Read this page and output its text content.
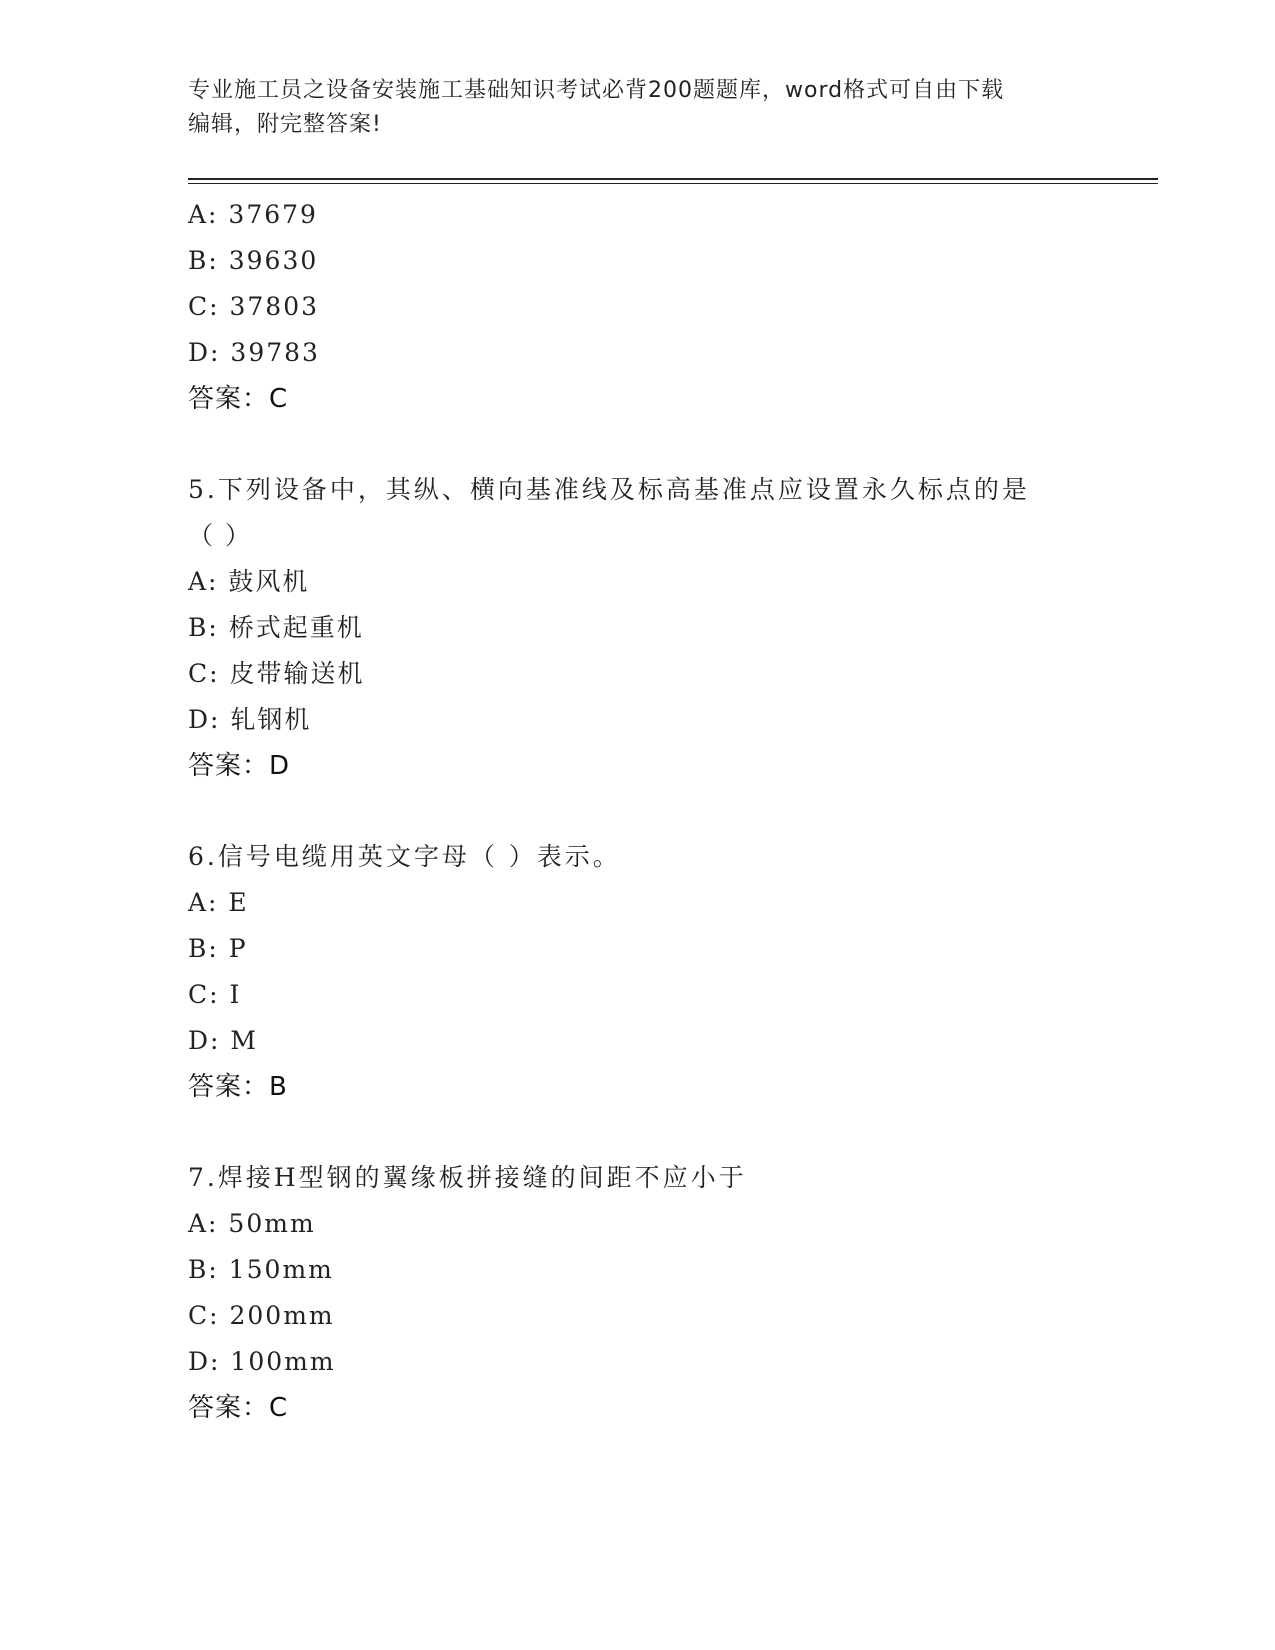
专业施工员之设备安装施工基础知识考试必背200题题库，word格式可自由下载
编辑，附完整答案!
A: 37679
B: 39630
C: 37803
D: 39783
答案：C
5.下列设备中，其纵、横向基准线及标高基准点应设置永久标点的是
（ ）
A: 鼓风机
B: 桥式起重机
C: 皮带输送机
D: 轧钢机
答案：D
6.信号电缆用英文字母（ ）表示。
A: E
B: P
C: I
D: M
答案：B
7.焊接H型钢的翼缘板拼接缝的间距不应小于
A: 50mm
B: 150mm
C: 200mm
D: 100mm
答案：C
